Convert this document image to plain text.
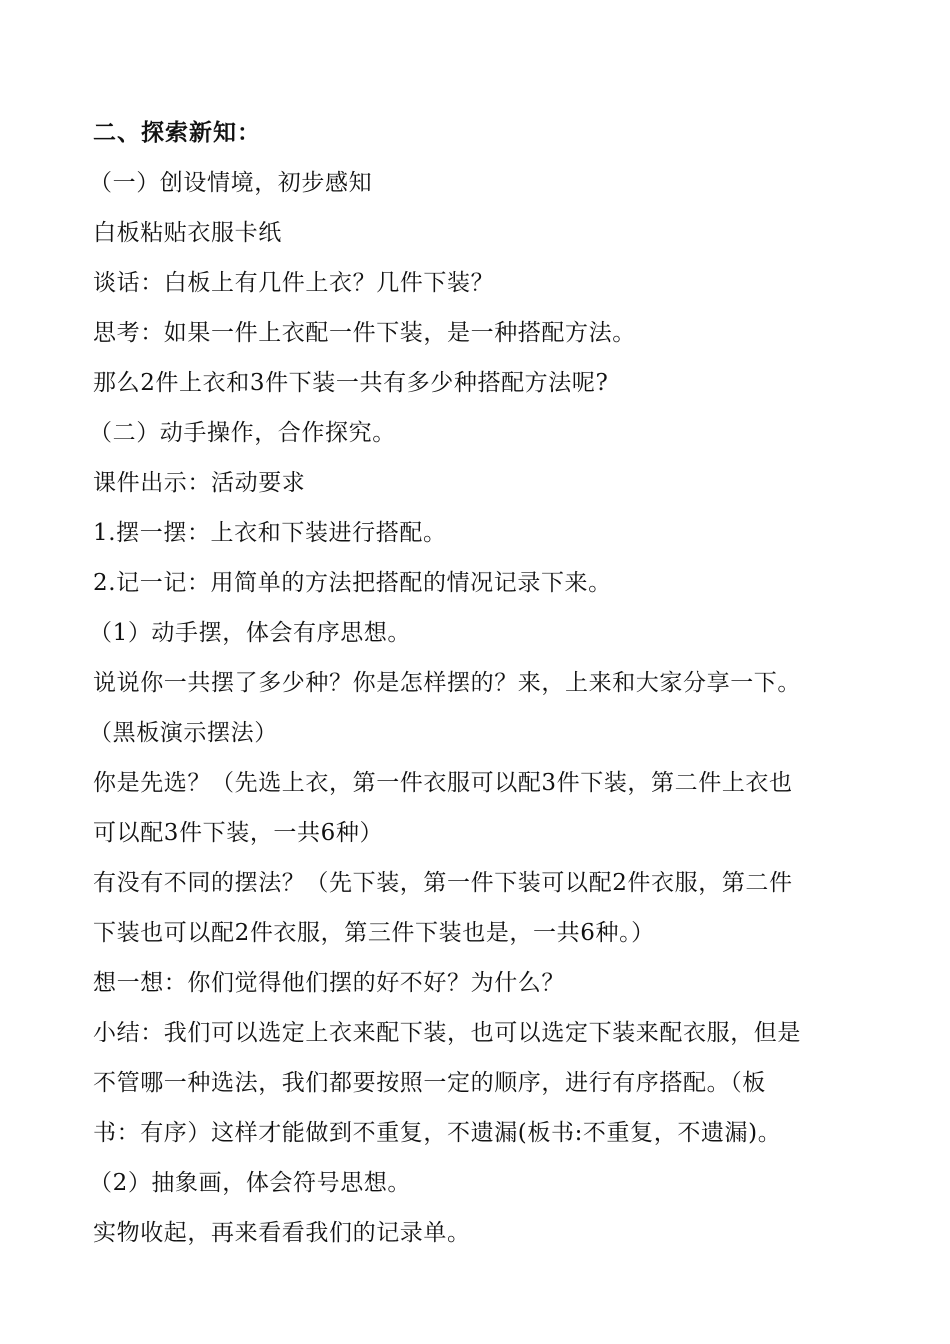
二、探索新知：
（一）创设情境，初步感知
白板粘贴衣服卡纸
谈话：白板上有几件上衣？几件下装？
思考：如果一件上衣配一件下装，是一种搭配方法。
那么2件上衣和3件下装一共有多少种搭配方法呢?
（二）动手操作，合作探究。
课件出示：活动要求
1.摆一摆：上衣和下装进行搭配。
2.记一记：用简单的方法把搭配的情况记录下来。
（1）动手摆，体会有序思想。
说说你一共摆了多少种？你是怎样摆的？来，上来和大家分享一下。
（黑板演示摆法）
你是先选？（先选上衣，第一件衣服可以配3件下装，第二件上衣也
可以配3件下装，一共6种）
有没有不同的摆法？（先下装，第一件下装可以配2件衣服，第二件
下装也可以配2件衣服，第三件下装也是，一共6种。）
想一想：你们觉得他们摆的好不好？为什么？
小结：我们可以选定上衣来配下装，也可以选定下装来配衣服，但是
不管哪一种选法，我们都要按照一定的顺序，进行有序搭配。（板
书：有序）这样才能做到不重复，不遗漏(板书:不重复，不遗漏)。
（2）抽象画，体会符号思想。
实物收起，再来看看我们的记录单。
